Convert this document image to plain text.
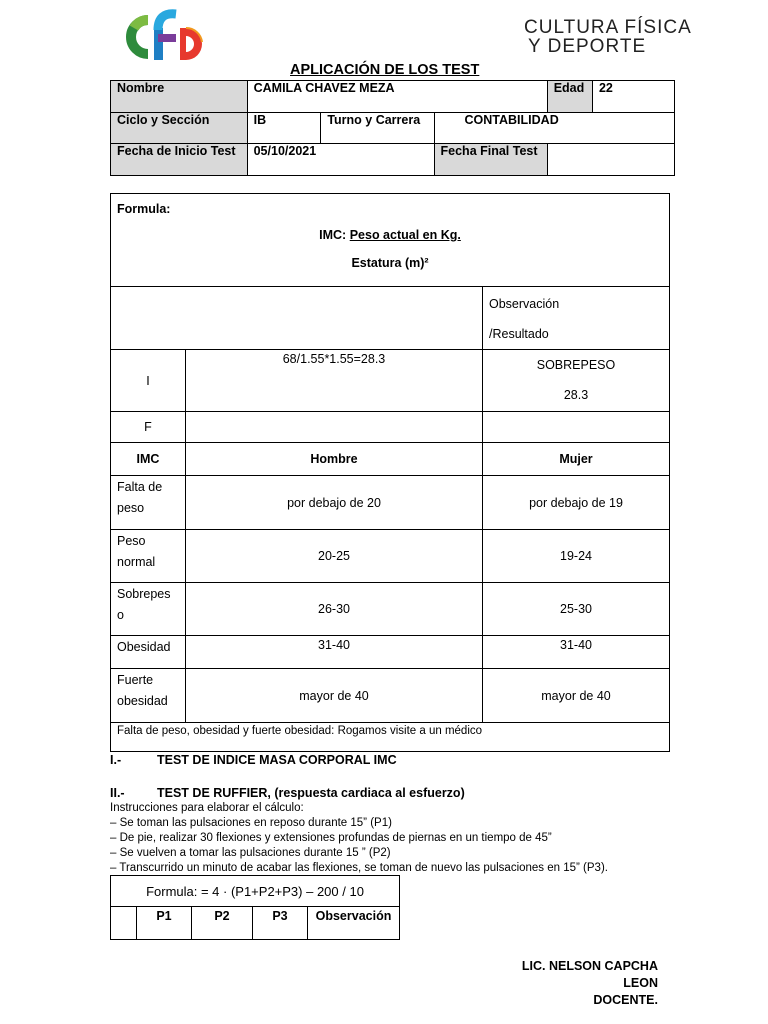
CULTURA FÍSICA
Y DEPORTE
APLICACIÓN DE LOS TEST
Nombre	CAMILA CHAVEZ MEZA			Edad	22
Ciclo y Sección	IB	Turno y Carrera	CONTABILIDAD		
Fecha de Inicio Test	05/10/2021		Fecha Final Test		
Formula:
IMC: Peso actual en Kg.
Estatura (m)²		

		Observación
/Resultado

I	68/1.55*1.55=28.3	SOBREPESO
28.3

F		
IMC	Hombre	Mujer

Falta de
peso	por debajo de 20	por debajo de 19

Peso
normal	20-25	19-24

Sobrepes
o	26-30	25-30

Obesidad	31-40	31-40

Fuerte
obesidad	mayor de 40	mayor de 40
Falta de peso, obesidad y fuerte obesidad: Rogamos visite a un médico		
I.-	TEST DE INDICE MASA CORPORAL IMC
II.-	TEST DE RUFFIER, (respuesta cardiaca al esfuerzo)
Instrucciones para elaborar el cálculo:
– Se toman las pulsaciones en reposo durante 15” (P1)
– De pie, realizar 30 flexiones y extensiones profundas de piernas en un tiempo de 45”
– Se vuelven a tomar las pulsaciones durante 15 ” (P2)
– Transcurrido un minuto de acabar las flexiones, se toman de nuevo las pulsaciones en 15” (P3).
Formula: = 4 · (P1+P2+P3) – 200 / 10
	P1	P2	P3	Observación
LIC. NELSON CAPCHA LEON
DOCENTE.
